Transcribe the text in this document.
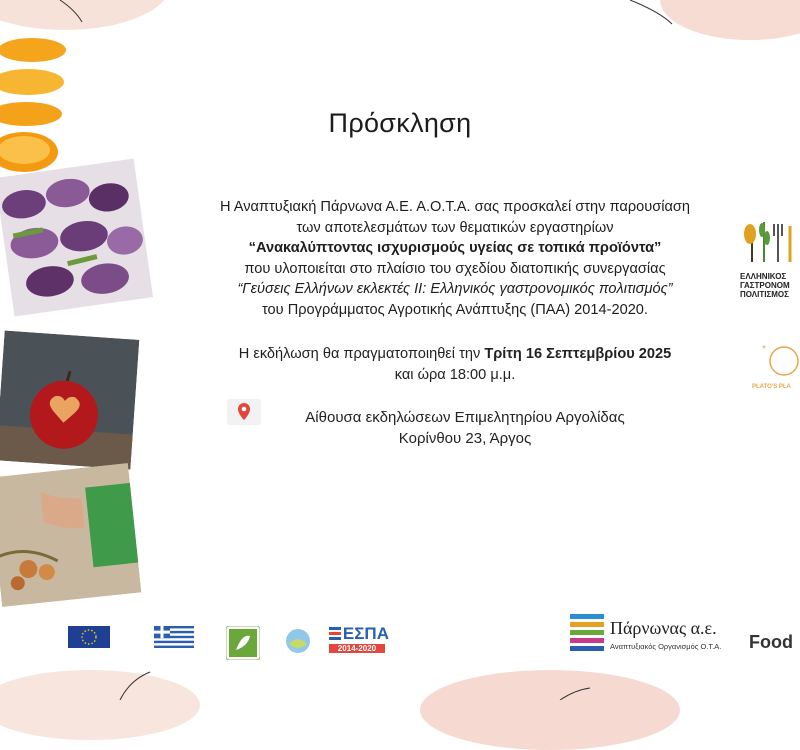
Πρόσκληση
Η Αναπτυξιακή Πάρνωνα Α.Ε. Α.Ο.Τ.Α. σας προσκαλεί στην παρουσίαση
των αποτελεσμάτων των θεματικών εργαστηρίων
“Ανακαλύπτοντας ισχυρισμούς υγείας σε τοπικά προϊόντα”
που υλοποιείται στο πλαίσιο του σχεδίου διατοπικής συνεργασίας
“Γεύσεις Ελλήνων εκλεκτές ΙΙ: Ελληνικός γαστρονομικός πολιτισμός”
του Προγράμματος Αγροτικής Ανάπτυξης (ΠΑΑ) 2014-2020.
Η εκδήλωση θα πραγματοποιηθεί την Τρίτη 16 Σεπτεμβρίου 2025
και ώρα 18:00 μ.μ.
Αίθουσα εκδηλώσεων Επιμελητηρίου Αργολίδας
Κορίνθου 23, Άργος
ΕΛΛΗΝΙΚΟΣ
ΓΑΣΤΡΟΝΟΜ
ΠΟΛΙΤΙΣΜΟΣ
*
PLATO'S PLA
ΕΣΠΑ
2014-2020
Πάρνωνας α.ε.
Αναπτυξιακός Οργανισμός Ο.Τ.Α. Food
